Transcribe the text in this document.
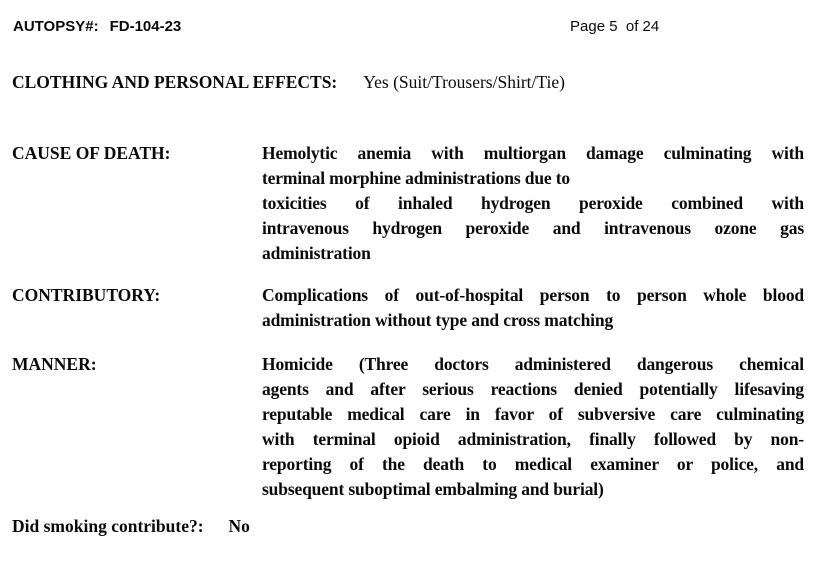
AUTOPSY#: FD-104-23	Page 5  of 24
CLOTHING AND PERSONAL EFFECTS: Yes (Suit/Trousers/Shirt/Tie)
CAUSE OF DEATH:	Hemolytic anemia with multiorgan damage culminating with
terminal morphine administrations due to
toxicities of inhaled hydrogen peroxide combined with
intravenous hydrogen peroxide and intravenous ozone gas
administration
CONTRIBUTORY:	Complications of out-of-hospital person to person whole blood
administration without type and cross matching
MANNER:	Homicide (Three doctors administered dangerous chemical
agents and after serious reactions denied potentially lifesaving
reputable medical care in favor of subversive care culminating
with terminal opioid administration, finally followed by non-
reporting of the death to medical examiner or police, and
subsequent suboptimal embalming and burial)
Did smoking contribute?: No
